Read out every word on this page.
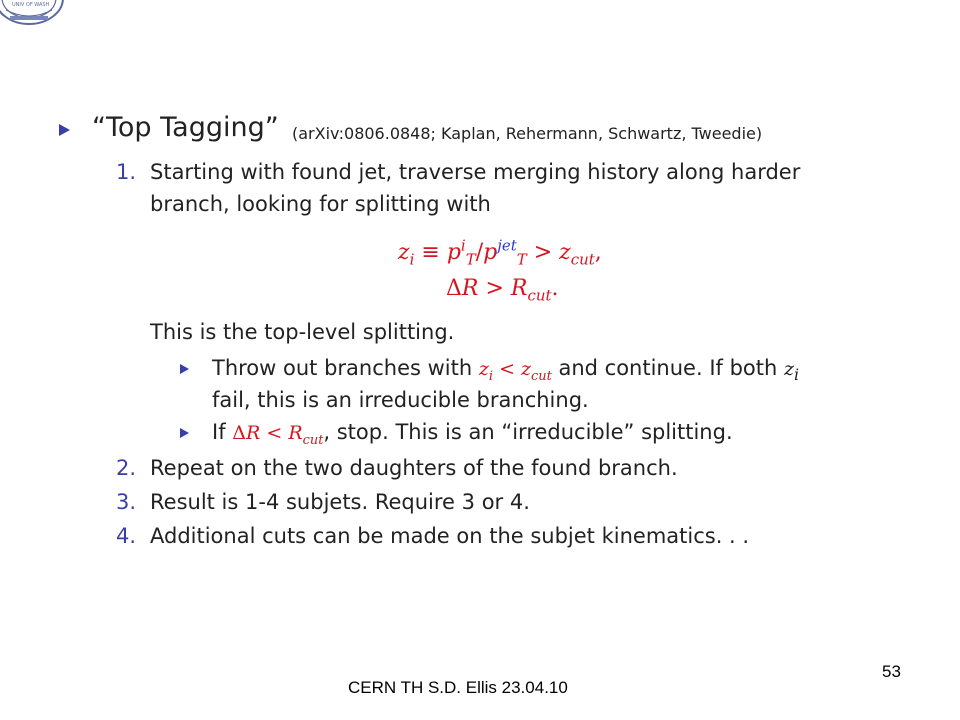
UNIV OF WASH
“Top Tagging” (arXiv:0806.0848; Kaplan, Rehermann, Schwartz, Tweedie)
1. Starting with found jet, traverse merging history along harder
branch, looking for splitting with
$z_i \equiv p^i_T/p^{jet}_T > z_{cut}$,
$\Delta R > R_{cut}$.
This is the top-level splitting.
Throw out branches with $z_i < z_{cut}$ and continue. If both $z_i$
fail, this is an irreducible branching.
If $\Delta R < R_{cut}$, stop. This is an “irreducible” splitting.
2. Repeat on the two daughters of the found branch.
3. Result is 1-4 subjets. Require 3 or 4.
4. Additional cuts can be made on the subjet kinematics. . .
CERN TH S.D. Ellis 23.04.10
53
